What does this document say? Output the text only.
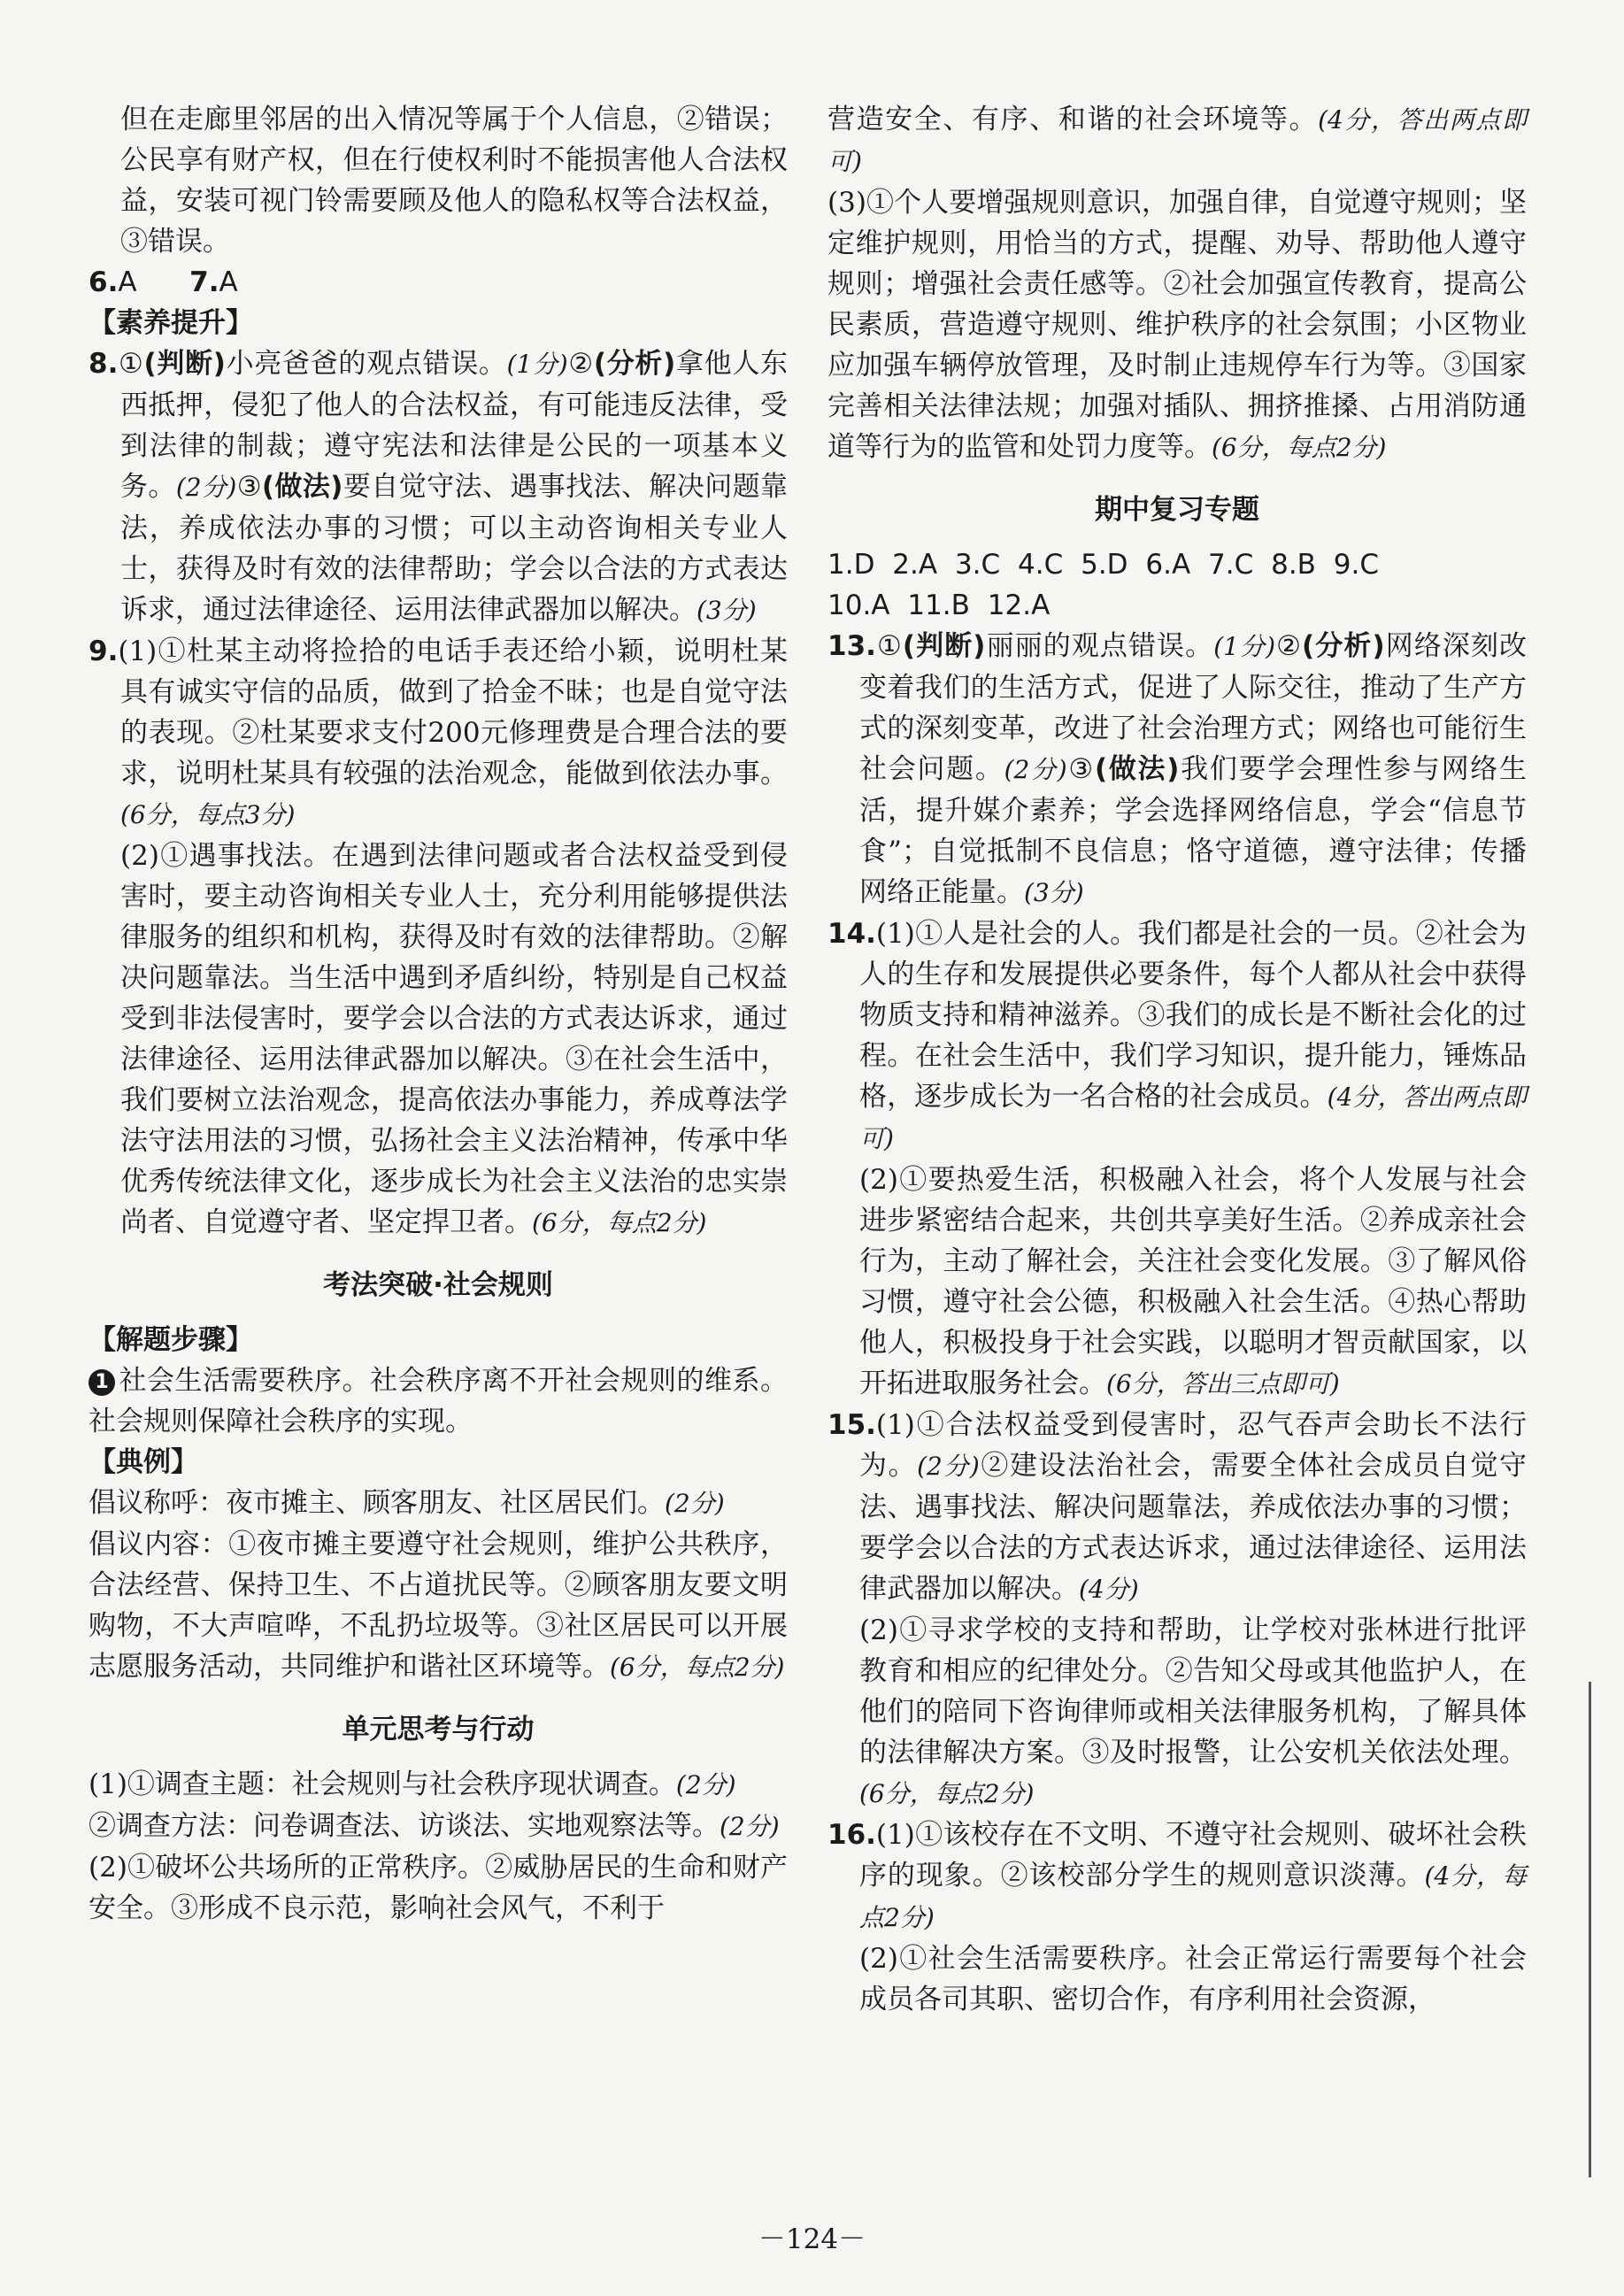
但在走廊里邻居的出入情况等属于个人信息，②错误；公民享有财产权，但在行使权利时不能损害他人合法权益，安装可视门铃需要顾及他人的隐私权等合法权益，③错误。

6.A 7.A

【素养提升】

8.①(判断)小亮爸爸的观点错误。(1分)②(分析)拿他人东西抵押，侵犯了他人的合法权益，有可能违反法律，受到法律的制裁；遵守宪法和法律是公民的一项基本义务。(2分)③(做法)要自觉守法、遇事找法、解决问题靠法，养成依法办事的习惯；可以主动咨询相关专业人士，获得及时有效的法律帮助；学会以合法的方式表达诉求，通过法律途径、运用法律武器加以解决。(3分)

9.(1)①杜某主动将捡拾的电话手表还给小颖，说明杜某具有诚实守信的品质，做到了拾金不昧；也是自觉守法的表现。②杜某要求支付200元修理费是合理合法的要求，说明杜某具有较强的法治观念，能做到依法办事。(6分，每点3分)

(2)①遇事找法。在遇到法律问题或者合法权益受到侵害时，要主动咨询相关专业人士，充分利用能够提供法律服务的组织和机构，获得及时有效的法律帮助。②解决问题靠法。当生活中遇到矛盾纠纷，特别是自己权益受到非法侵害时，要学会以合法的方式表达诉求，通过法律途径、运用法律武器加以解决。③在社会生活中，我们要树立法治观念，提高依法办事能力，养成尊法学法守法用法的习惯，弘扬社会主义法治精神，传承中华优秀传统法律文化，逐步成长为社会主义法治的忠实崇尚者、自觉遵守者、坚定捍卫者。(6分，每点2分)

考法突破·社会规则

【解题步骤】

1 社会生活需要秩序。社会秩序离不开社会规则的维系。社会规则保障社会秩序的实现。

【典例】

倡议称呼：夜市摊主、顾客朋友、社区居民们。(2分)

倡议内容：①夜市摊主要遵守社会规则，维护公共秩序，合法经营、保持卫生、不占道扰民等。②顾客朋友要文明购物，不大声喧哗，不乱扔垃圾等。③社区居民可以开展志愿服务活动，共同维护和谐社区环境等。(6分，每点2分)

单元思考与行动

(1)①调查主题：社会规则与社会秩序现状调查。(2分)

②调查方法：问卷调查法、访谈法、实地观察法等。(2分)

(2)①破坏公共场所的正常秩序。②威胁居民的生命和财产安全。③形成不良示范，影响社会风气，不利于

营造安全、有序、和谐的社会环境等。(4分，答出两点即可)

(3)①个人要增强规则意识，加强自律，自觉遵守规则；坚定维护规则，用恰当的方式，提醒、劝导、帮助他人遵守规则；增强社会责任感等。②社会加强宣传教育，提高公民素质，营造遵守规则、维护秩序的社会氛围；小区物业应加强车辆停放管理，及时制止违规停车行为等。③国家完善相关法律法规；加强对插队、拥挤推搡、占用消防通道等行为的监管和处罚力度等。(6分，每点2分)

期中复习专题

1.D 2.A 3.C 4.C 5.D 6.A 7.C 8.B 9.C

10.A 11.B 12.A

13.①(判断)丽丽的观点错误。(1分)②(分析)网络深刻改变着我们的生活方式，促进了人际交往，推动了生产方式的深刻变革，改进了社会治理方式；网络也可能衍生社会问题。(2分)③(做法)我们要学会理性参与网络生活，提升媒介素养；学会选择网络信息，学会“信息节食”；自觉抵制不良信息；恪守道德，遵守法律；传播网络正能量。(3分)

14.(1)①人是社会的人。我们都是社会的一员。②社会为人的生存和发展提供必要条件，每个人都从社会中获得物质支持和精神滋养。③我们的成长是不断社会化的过程。在社会生活中，我们学习知识，提升能力，锤炼品格，逐步成长为一名合格的社会成员。(4分，答出两点即可)

(2)①要热爱生活，积极融入社会，将个人发展与社会进步紧密结合起来，共创共享美好生活。②养成亲社会行为，主动了解社会，关注社会变化发展。③了解风俗习惯，遵守社会公德，积极融入社会生活。④热心帮助他人，积极投身于社会实践，以聪明才智贡献国家，以开拓进取服务社会。(6分，答出三点即可)

15.(1)①合法权益受到侵害时，忍气吞声会助长不法行为。(2分)②建设法治社会，需要全体社会成员自觉守法、遇事找法、解决问题靠法，养成依法办事的习惯；要学会以合法的方式表达诉求，通过法律途径、运用法律武器加以解决。(4分)

(2)①寻求学校的支持和帮助，让学校对张林进行批评教育和相应的纪律处分。②告知父母或其他监护人，在他们的陪同下咨询律师或相关法律服务机构，了解具体的法律解决方案。③及时报警，让公安机关依法处理。(6分，每点2分)

16.(1)①该校存在不文明、不遵守社会规则、破坏社会秩序的现象。②该校部分学生的规则意识淡薄。(4分，每点2分)

(2)①社会生活需要秩序。社会正常运行需要每个社会成员各司其职、密切合作，有序利用社会资源，

－124－
